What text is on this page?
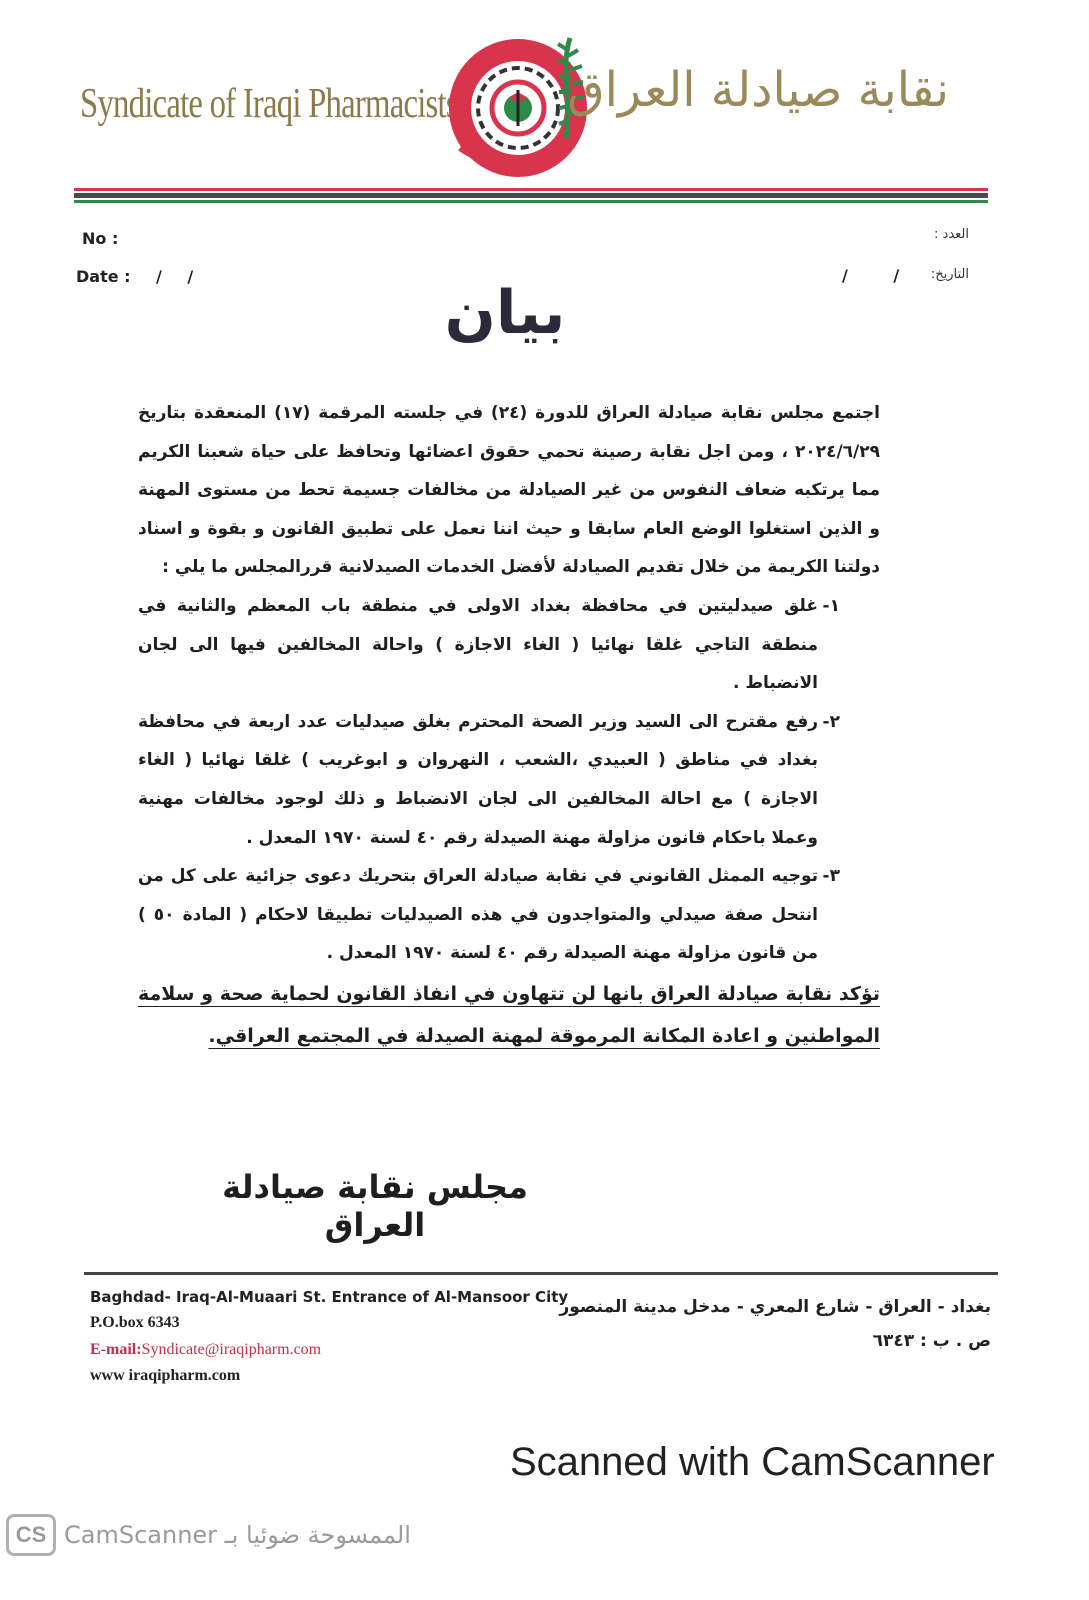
Syndicate of Iraqi Pharmacists نقابة صيادلة العراق
No :
Date : / /
العدد :
التاريخ:
/ /
بيان

اجتمع مجلس نقابة صيادلة العراق للدورة (٢٤) في جلسته المرقمة (١٧) المنعقدة بتاريخ ٢٠٢٤/٦/٢٩ ، ومن اجل نقابة رصينة تحمي حقوق اعضائها وتحافظ على حياة شعبنا الكريم مما يرتكبه ضعاف النفوس من غير الصيادلة من مخالفات جسيمة تحط من مستوى المهنة و الذين استغلوا الوضع العام سابقا و حيث اننا نعمل على تطبيق القانون و بقوة و اسناد دولتنا الكريمة من خلال تقديم الصيادلة لأفضل الخدمات الصيدلانية قررالمجلس ما يلي :

١-
غلق صيدليتين في محافظة بغداد الاولى في منطقة باب المعظم والثانية في منطقة التاجي غلقا نهائيا ( الغاء الاجازة ) واحالة المخالفين فيها الى لجان الانضباط .
٢-
رفع مقترح الى السيد وزير الصحة المحترم بغلق صيدليات عدد اربعة في محافظة بغداد في مناطق ( العبيدي ،الشعب ، النهروان و ابوغريب ) غلقا نهائيا ( الغاء الاجازة ) مع احالة المخالفين الى لجان الانضباط و ذلك لوجود مخالفات مهنية وعملا باحكام قانون مزاولة مهنة الصيدلة رقم ٤٠ لسنة ١٩٧٠ المعدل .
٣-
توجيه الممثل القانوني في نقابة صيادلة العراق بتحريك دعوى جزائية على كل من انتحل صفة صيدلي والمتواجدون في هذه الصيدليات تطبيقا لاحكام ( المادة ٥٠ ) من قانون مزاولة مهنة الصيدلة رقم ٤٠ لسنة ١٩٧٠ المعدل .

تؤكد نقابة صيادلة العراق بانها لن تتهاون في انفاذ القانون لحماية صحة و سلامة المواطنين و اعادة المكانة المرموقة لمهنة الصيدلة في المجتمع العراقي.

مجلس نقابة صيادلة العراق
Baghdad- Iraq-Al-Muaari St. Entrance of Al-Mansoor City
P.O.box 6343
E-mail:Syndicate@iraqipharm.com
www iraqipharm.com
بغداد - العراق - شارع المعري - مدخل مدينة المنصور
ص . ب : ٦٣٤٣
Scanned with CamScanner
CS CamScanner الممسوحة ضوئيا بـ
